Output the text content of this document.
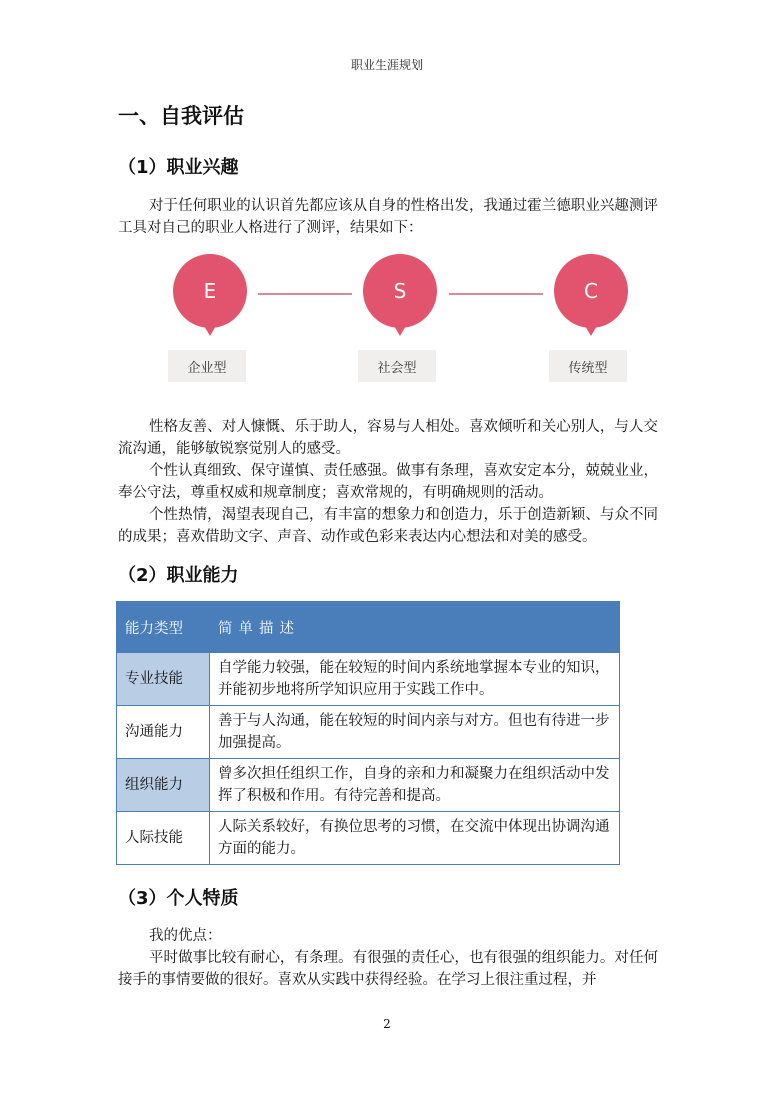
职业生涯规划
一、自我评估
（1）职业兴趣
对于任何职业的认识首先都应该从自身的性格出发，我通过霍兰德职业兴趣测评工具对自己的职业人格进行了测评，结果如下：
E
企业型
S
社会型
C
传统型
性格友善、对人慷慨、乐于助人，容易与人相处。喜欢倾听和关心别人，与人交流沟通，能够敏锐察觉别人的感受。
个性认真细致、保守谨慎、责任感强。做事有条理，喜欢安定本分，兢兢业业，奉公守法，尊重权威和规章制度；喜欢常规的，有明确规则的活动。
个性热情，渴望表现自己，有丰富的想象力和创造力，乐于创造新颖、与众不同的成果；喜欢借助文字、声音、动作或色彩来表达内心想法和对美的感受。
（2）职业能力
能力类型	简单描述
专业技能	自学能力较强，能在较短的时间内系统地掌握本专业的知识，并能初步地将所学知识应用于实践工作中。
沟通能力	善于与人沟通，能在较短的时间内亲与对方。但也有待进一步加强提高。
组织能力	曾多次担任组织工作，自身的亲和力和凝聚力在组织活动中发挥了积极和作用。有待完善和提高。
人际技能	人际关系较好，有换位思考的习惯，在交流中体现出协调沟通方面的能力。
（3）个人特质
我的优点：
平时做事比较有耐心，有条理。有很强的责任心，也有很强的组织能力。对任何接手的事情要做的很好。喜欢从实践中获得经验。在学习上很注重过程，并
2
